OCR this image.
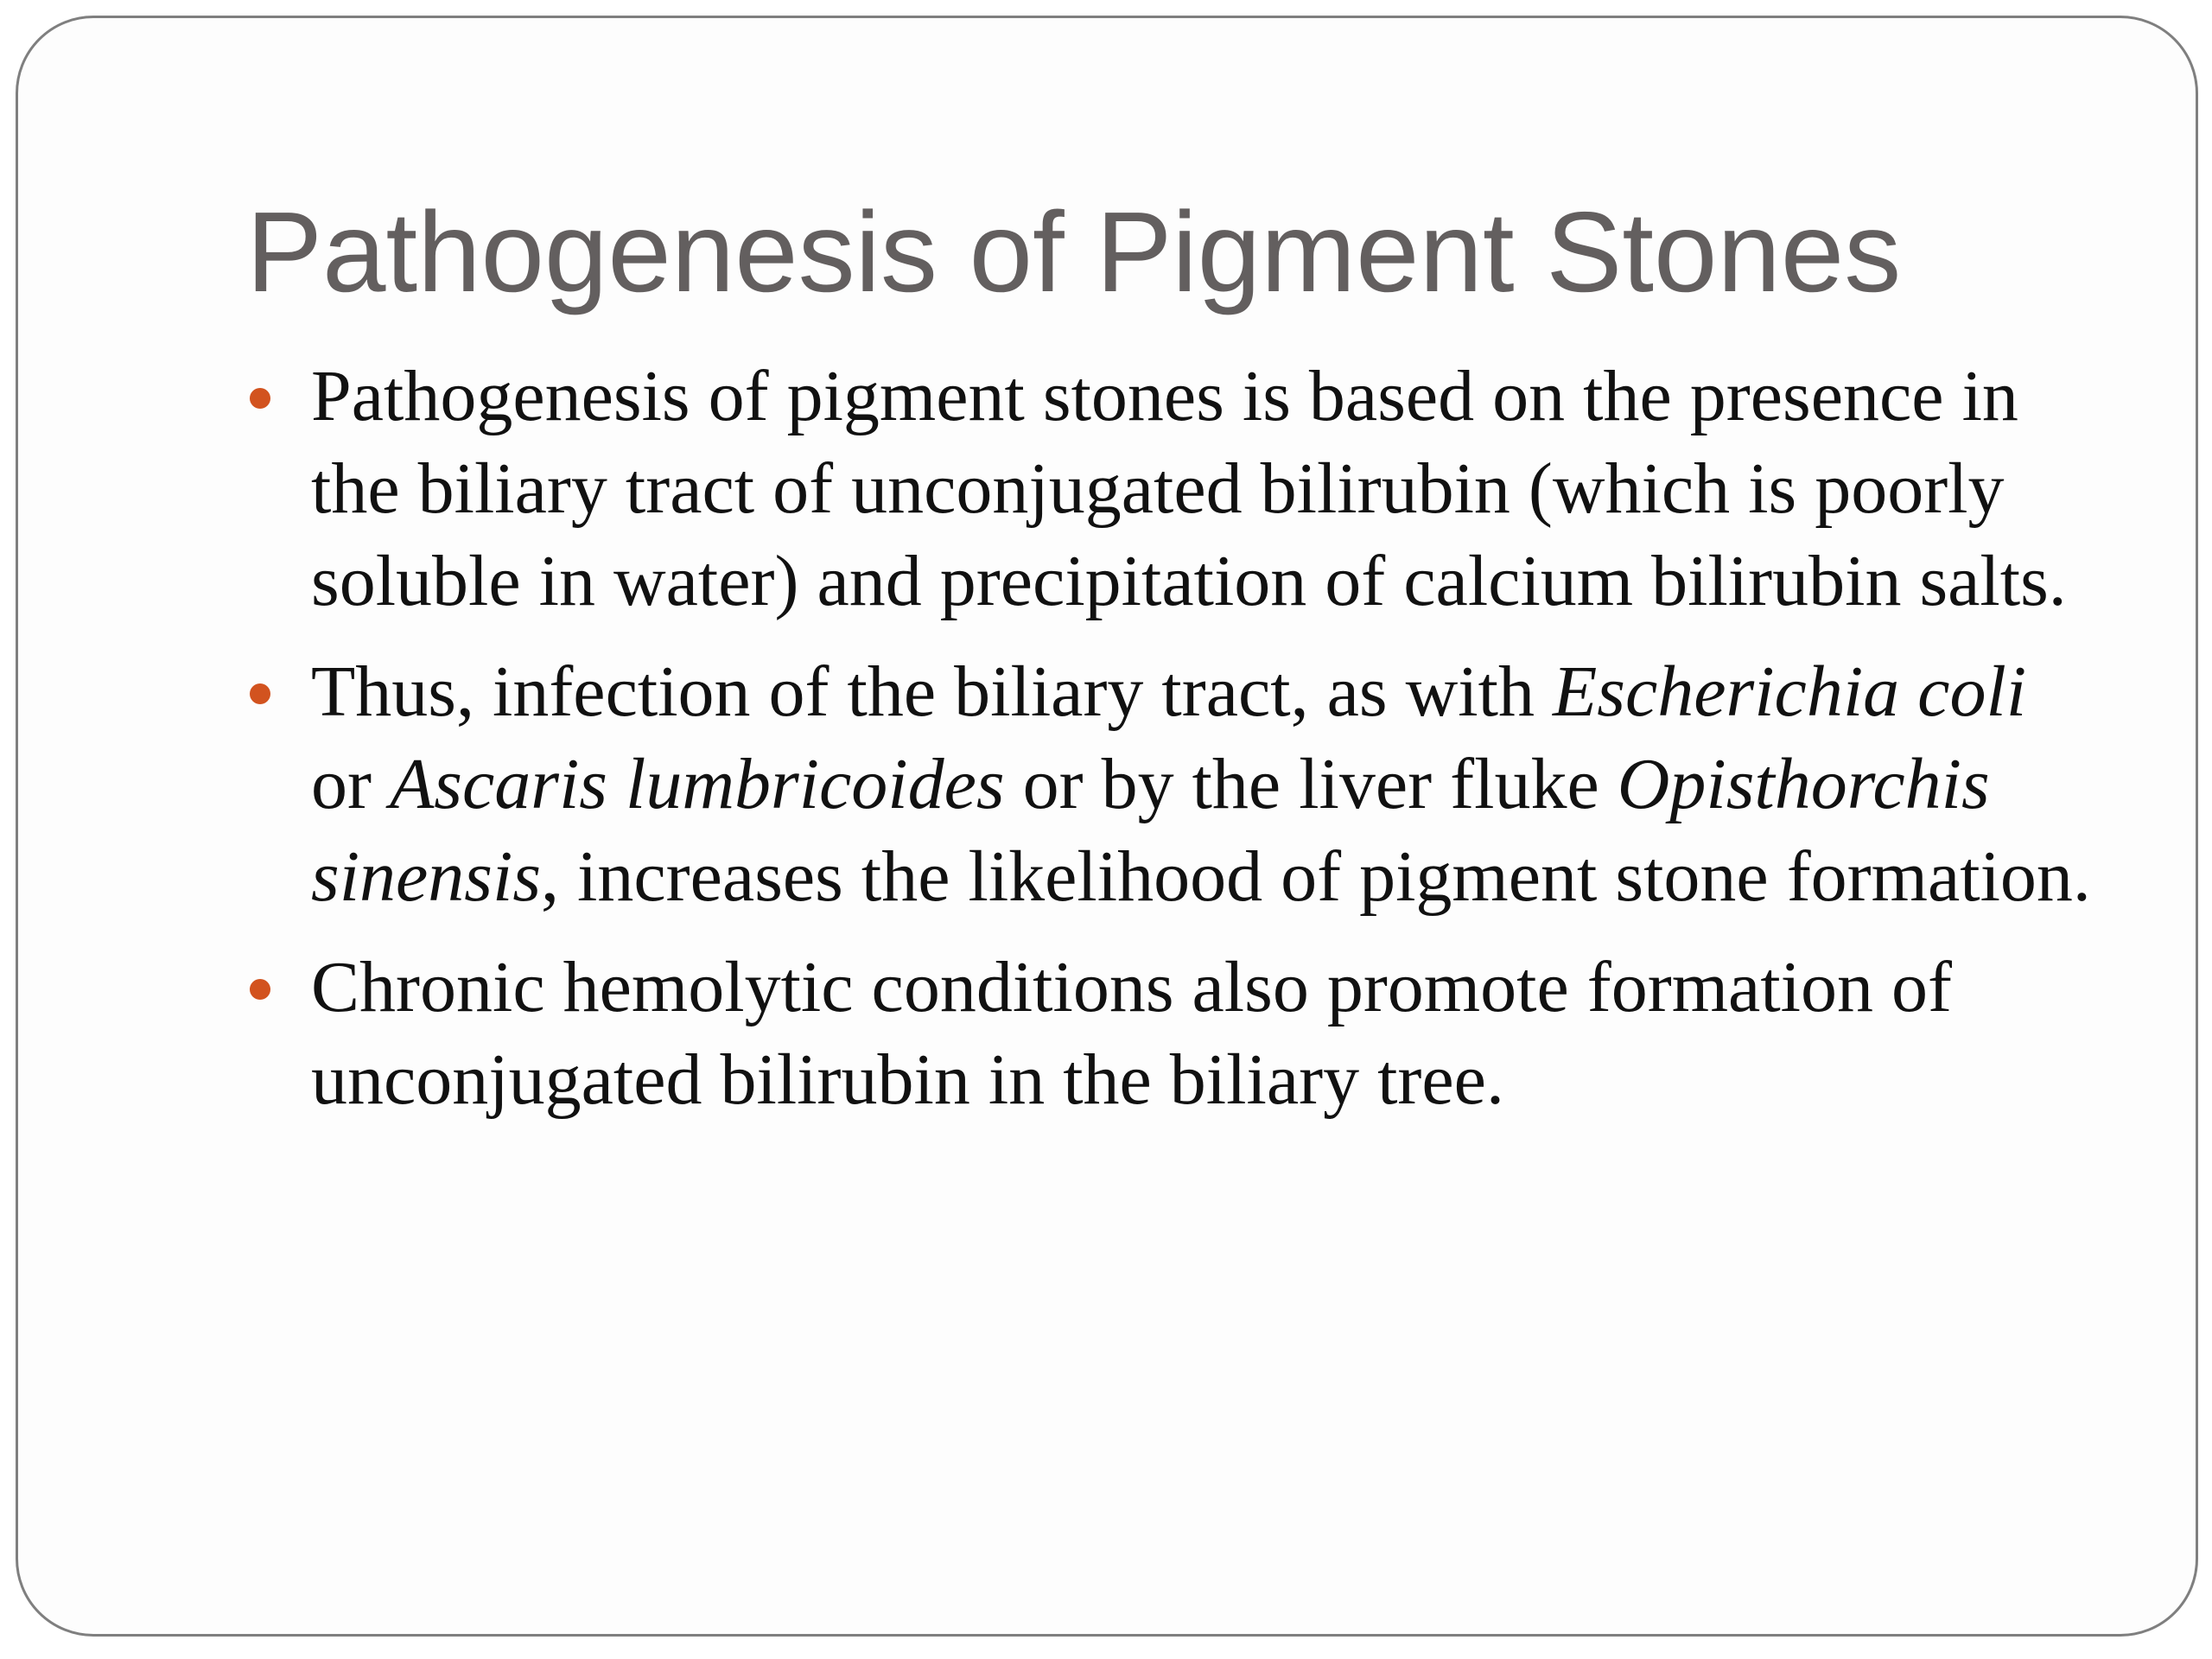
Pathogenesis of Pigment Stones
Pathogenesis of pigment stones is based on the presence in the biliary tract of unconjugated bilirubin (which is poorly soluble in water) and precipitation of calcium bilirubin salts.
Thus, infection of the biliary tract, as with Escherichia coli or Ascaris lumbricoides or by the liver fluke Opisthorchis sinensis, increases the likelihood of pigment stone formation.
Chronic hemolytic conditions also promote formation of unconjugated bilirubin in the biliary tree.
